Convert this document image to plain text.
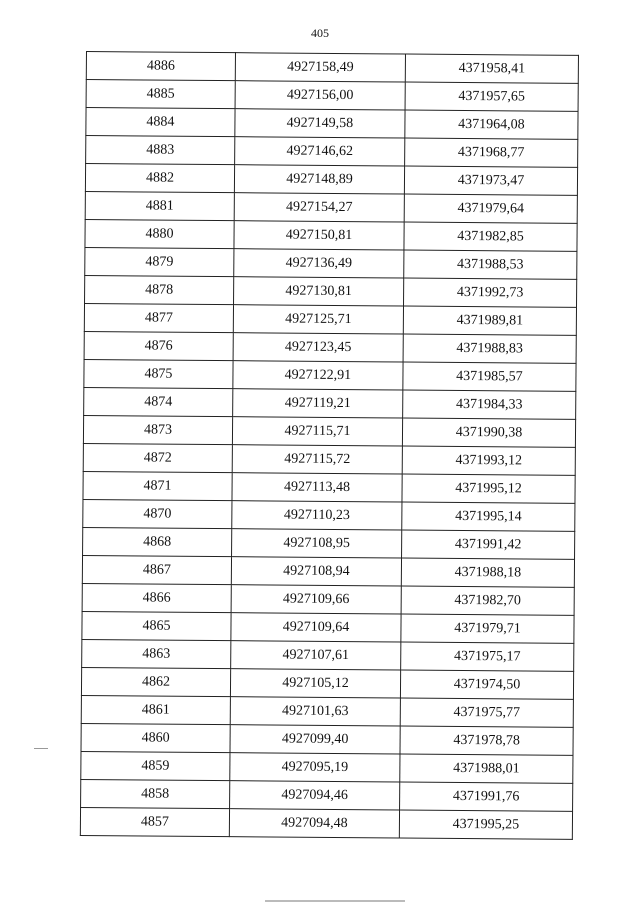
405
4886	4927158,49	4371958,41
4885	4927156,00	4371957,65
4884	4927149,58	4371964,08
4883	4927146,62	4371968,77
4882	4927148,89	4371973,47
4881	4927154,27	4371979,64
4880	4927150,81	4371982,85
4879	4927136,49	4371988,53
4878	4927130,81	4371992,73
4877	4927125,71	4371989,81
4876	4927123,45	4371988,83
4875	4927122,91	4371985,57
4874	4927119,21	4371984,33
4873	4927115,71	4371990,38
4872	4927115,72	4371993,12
4871	4927113,48	4371995,12
4870	4927110,23	4371995,14
4868	4927108,95	4371991,42
4867	4927108,94	4371988,18
4866	4927109,66	4371982,70
4865	4927109,64	4371979,71
4863	4927107,61	4371975,17
4862	4927105,12	4371974,50
4861	4927101,63	4371975,77
4860	4927099,40	4371978,78
4859	4927095,19	4371988,01
4858	4927094,46	4371991,76
4857	4927094,48	4371995,25
